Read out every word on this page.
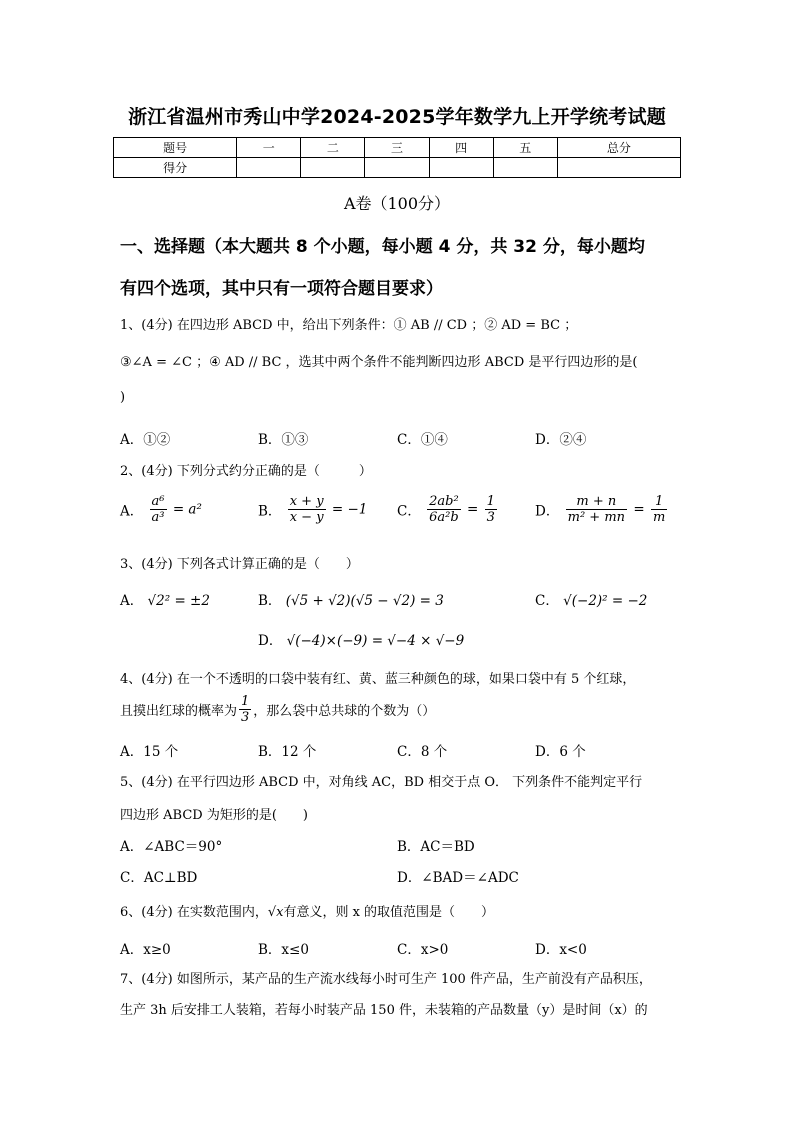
浙江省温州市秀山中学2024-2025学年数学九上开学统考试题
题号	一	二	三	四	五	总分
得分						
A卷（100分）
一、选择题（本大题共 8 个小题，每小题 4 分，共 32 分，每小题均
有四个选项，其中只有一项符合题目要求）
1、(4分) 在四边形 ABCD 中，给出下列条件：① AB // CD ；② AD = BC ；
③∠A = ∠C ；④ AD // BC ，选其中两个条件不能判断四边形 ABCD 是平行四边形的是(
)
A．①②	B．①③	C．①④	D．②④
2、(4分) 下列分式约分正确的是（　　　）
A． $\frac{\text{a⁶}}{\text{a³}} = a^2$	B． $\frac{x + y}{x - y} = -1$ C． $\frac{\text{2ab²}}{\text{6a²b}} = \frac{1}{3}$	D． $\frac{m + n}{\text{m² + mn}} = \frac{1}{m}$
3、(4分) 下列各式计算正确的是（　　）
A． √2² = ±2	B． (√5 + √2)(√5 − √2) = 3	C． √(−2)² = −2
D． √(−4)×(−9) = √−4 × √−9
4、(4分) 在一个不透明的口袋中装有红、黄、蓝三种颜色的球，如果口袋中有 5 个红球，
且摸出红球的概率为 $\frac{1}{3}$ ，那么袋中总共球的个数为（）
A．15 个	B．12 个	C．8 个	D．6 个
5、(4分) 在平行四边形 ABCD 中，对角线 AC，BD 相交于点 O． 下列条件不能判定平行
四边形 ABCD 为矩形的是(　　)
A．∠ABC＝90°	B．AC＝BD
C．AC⊥BD	D．∠BAD＝∠ADC
6、(4分) 在实数范围内，√x有意义，则 x 的取值范围是（　　）
A．x≥0	B．x≤0	C．x>0	D．x<0
7、(4分) 如图所示，某产品的生产流水线每小时可生产 100 件产品，生产前没有产品积压，
生产 3h 后安排工人装箱，若每小时装产品 150 件，未装箱的产品数量（y）是时间（x）的
